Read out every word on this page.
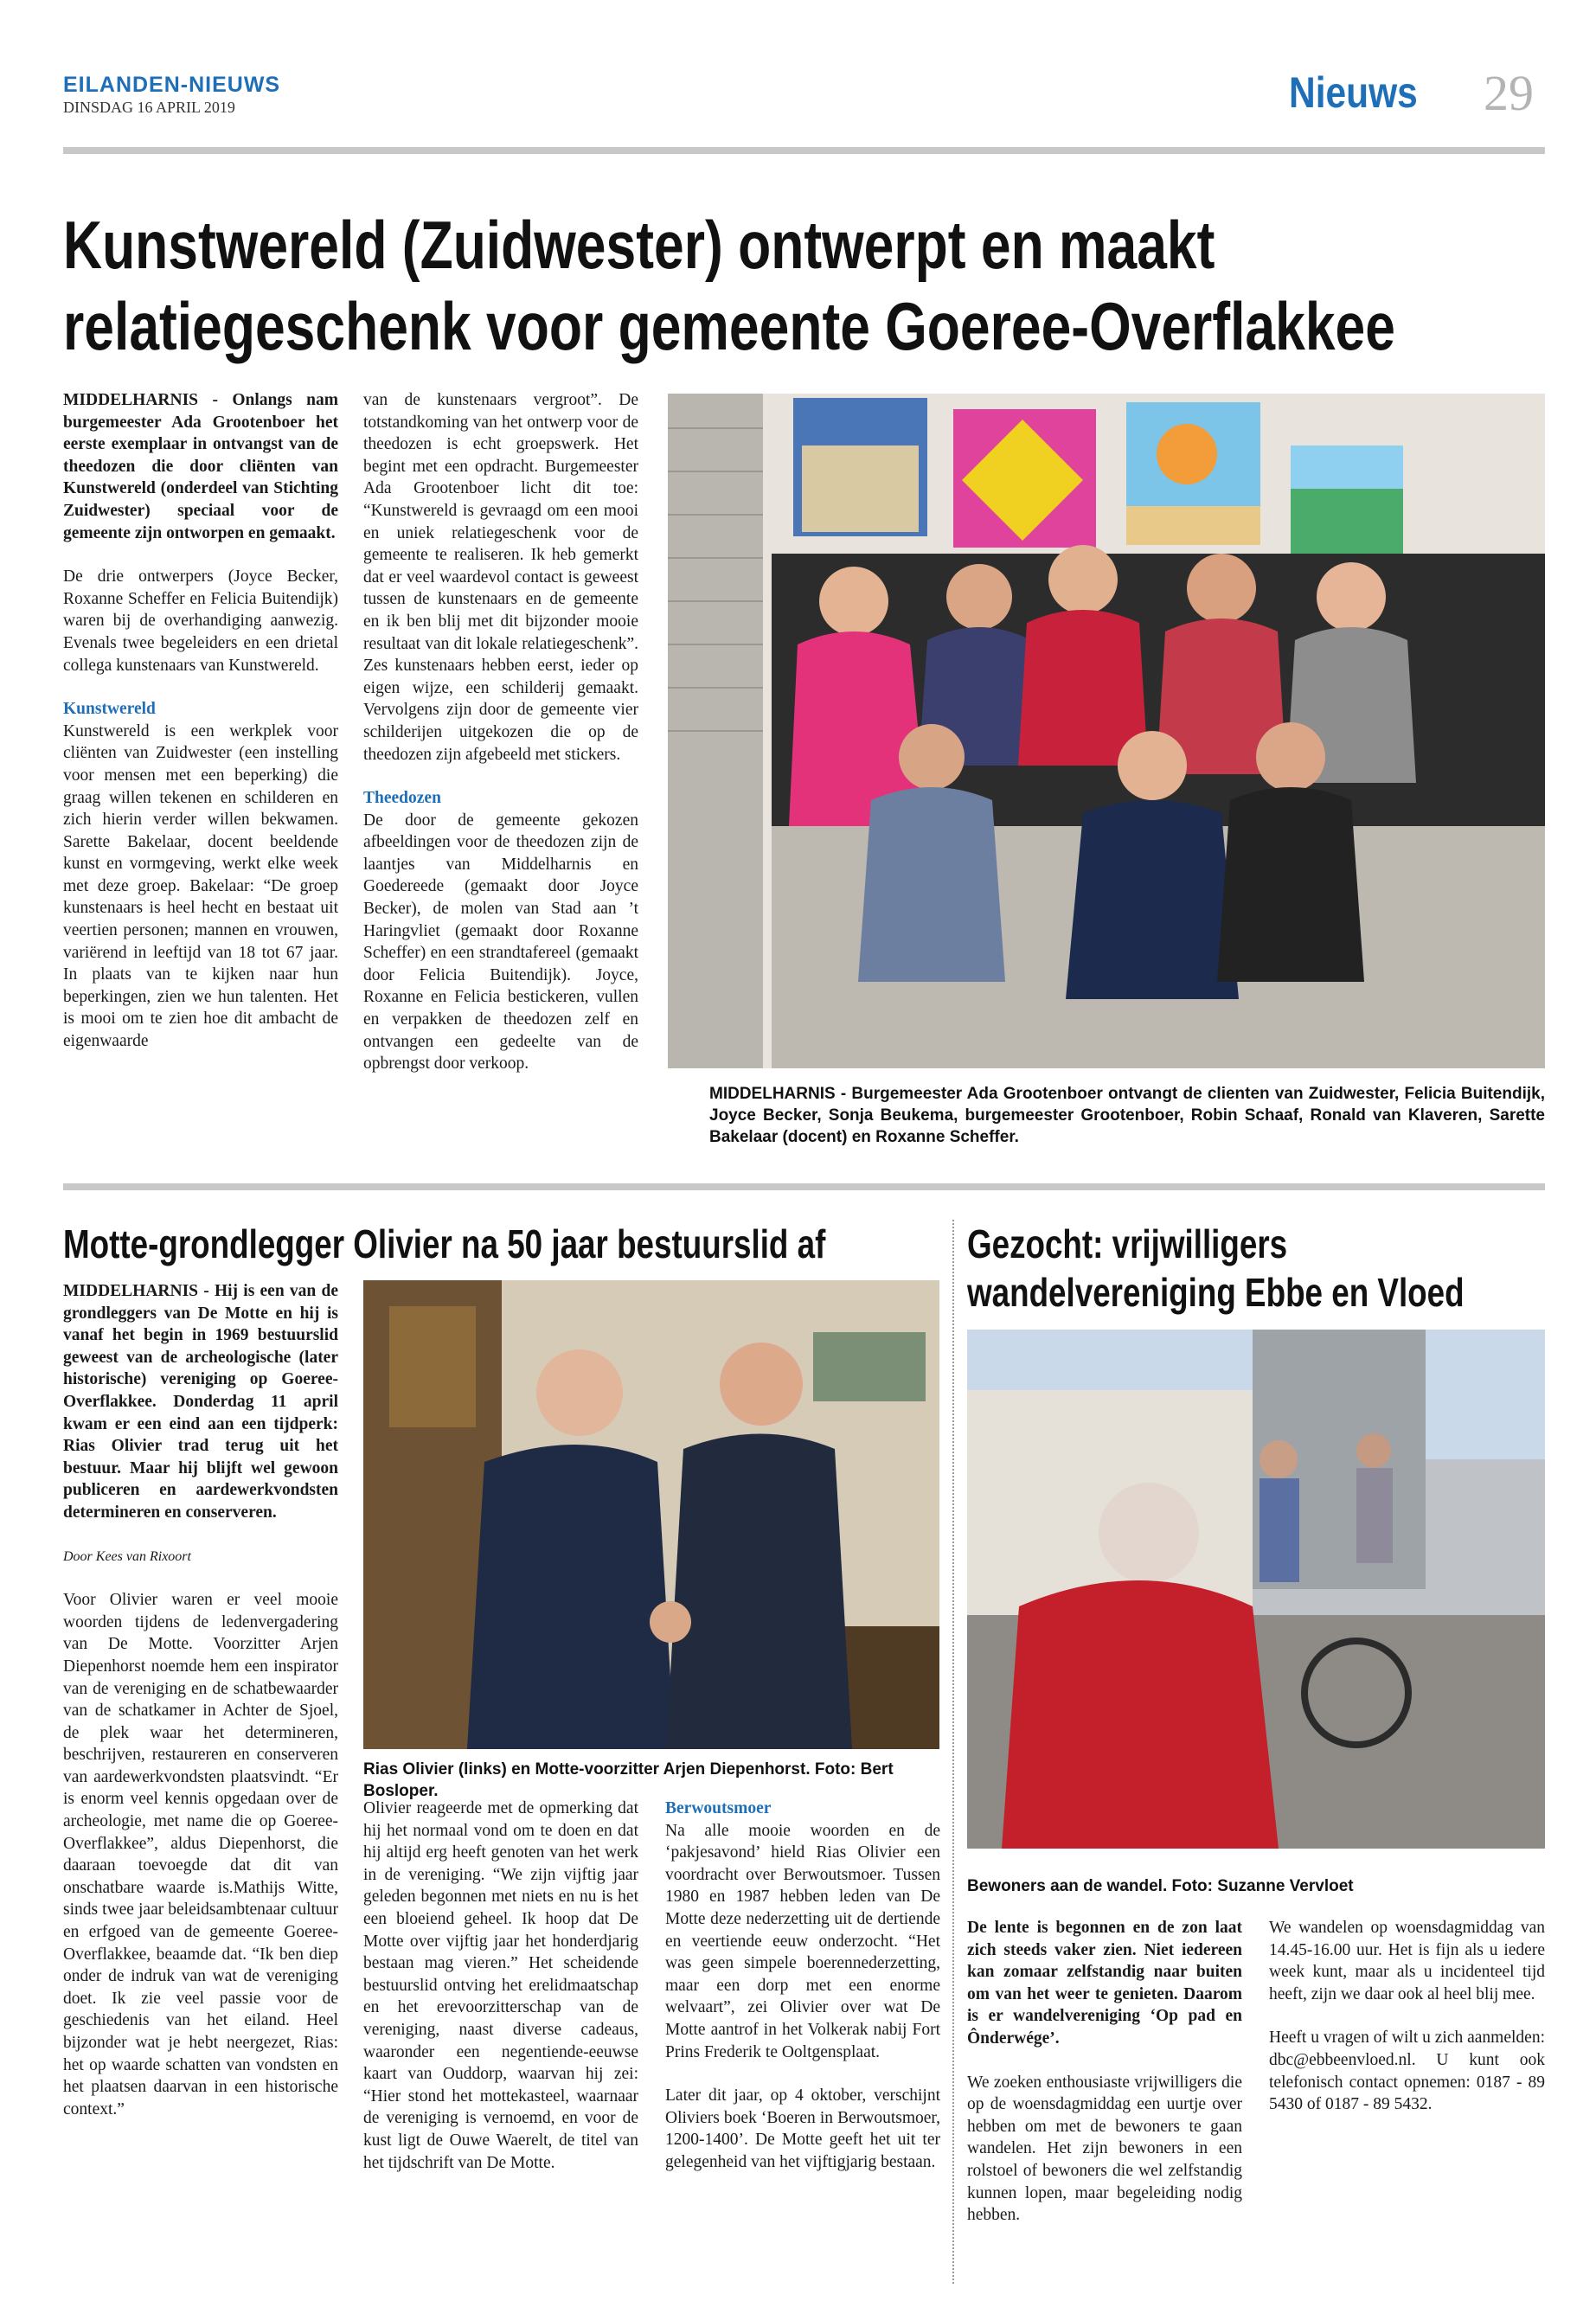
EILANDEN-NIEUWS
DINSDAG 16 APRIL 2019	Nieuws 29
Kunstwereld (Zuidwester) ontwerpt en maakt
relatiegeschenk voor gemeente Goeree-Overflakkee

MIDDELHARNIS - Onlangs nam burgemeester Ada Grootenboer het eerste exemplaar in ontvangst van de theedozen die door cliënten van Kunstwereld (onderdeel van Stichting Zuidwester) speciaal voor de gemeente zijn ontworpen en gemaakt.

De drie ontwerpers (Joyce Becker, Roxanne Scheffer en Felicia Buitendijk) waren bij de overhandiging aanwezig. Evenals twee begeleiders en een drietal collega kunstenaars van Kunstwereld.

Kunstwereld
Kunstwereld is een werkplek voor cliënten van Zuidwester (een instelling voor mensen met een beperking) die graag willen tekenen en schilderen en zich hierin verder willen bekwamen. Sarette Bakelaar, docent beeldende kunst en vormgeving, werkt elke week met deze groep. Bakelaar: “De groep kunstenaars is heel hecht en bestaat uit veertien personen; mannen en vrouwen, variërend in leeftijd van 18 tot 67 jaar. In plaats van te kijken naar hun beperkingen, zien we hun talenten. Het is mooi om te zien hoe dit ambacht de eigenwaarde

van de kunstenaars vergroot”. De totstandkoming van het ontwerp voor de theedozen is echt groepswerk. Het begint met een opdracht. Burgemeester Ada Grootenboer licht dit toe: “Kunstwereld is gevraagd om een mooi en uniek relatiegeschenk voor de gemeente te realiseren. Ik heb gemerkt dat er veel waardevol contact is geweest tussen de kunstenaars en de gemeente en ik ben blij met dit bijzonder mooie resultaat van dit lokale relatiegeschenk”. Zes kunstenaars hebben eerst, ieder op eigen wijze, een schilderij gemaakt. Vervolgens zijn door de gemeente vier schilderijen uitgekozen die op de theedozen zijn afgebeeld met stickers.

Theedozen
De door de gemeente gekozen afbeeldingen voor de theedozen zijn de laantjes van Middelharnis en Goedereede (gemaakt door Joyce Becker), de molen van Stad aan ’t Haringvliet (gemaakt door Roxanne Scheffer) en een strandtafereel (gemaakt door Felicia Buitendijk). Joyce, Roxanne en Felicia bestickeren, vullen en verpakken de theedozen zelf en ontvangen een gedeelte van de opbrengst door verkoop.

MIDDELHARNIS - Burgemeester Ada Grootenboer ontvangt de clienten van Zuidwester, Felicia Buitendijk, Joyce Becker, Sonja Beukema, burgemeester Grootenboer, Robin Schaaf, Ronald van Klaveren, Sarette Bakelaar (docent) en Roxanne Scheffer.
Motte-grondlegger Olivier na 50 jaar bestuurslid af

MIDDELHARNIS - Hij is een van de grondleggers van De Motte en hij is vanaf het begin in 1969 bestuurslid geweest van de archeologische (later historische) vereniging op Goeree-Overflakkee. Donderdag 11 april kwam er een eind aan een tijdperk: Rias Olivier trad terug uit het bestuur. Maar hij blijft wel gewoon publiceren en aardewerkvondsten determineren en conserveren.

Door Kees van Rixoort

Voor Olivier waren er veel mooie woorden tijdens de ledenvergadering van De Motte. Voorzitter Arjen Diepenhorst noemde hem een inspirator van de vereniging en de schatbewaarder van de schatkamer in Achter de Sjoel, de plek waar het determineren, beschrijven, restaureren en conserveren van aardewerkvondsten plaatsvindt. “Er is enorm veel kennis opgedaan over de archeologie, met name die op Goeree-Overflakkee”, aldus Diepenhorst, die daaraan toevoegde dat dit van onschatbare waarde is.Mathijs Witte, sinds twee jaar beleidsambtenaar cultuur en erfgoed van de gemeente Goeree-Overflakkee, beaamde dat. “Ik ben diep onder de indruk van wat de vereniging doet. Ik zie veel passie voor de geschiedenis van het eiland. Heel bijzonder wat je hebt neergezet, Rias: het op waarde schatten van vondsten en het plaatsen daarvan in een historische context.”

Rias Olivier (links) en Motte-voorzitter Arjen Diepenhorst. Foto: Bert Bosloper.

Olivier reageerde met de opmerking dat hij het normaal vond om te doen en dat hij altijd erg heeft genoten van het werk in de vereniging. “We zijn vijftig jaar geleden begonnen met niets en nu is het een bloeiend geheel. Ik hoop dat De Motte over vijftig jaar het honderdjarig bestaan mag vieren.” Het scheidende bestuurslid ontving het erelidmaatschap en het erevoorzitterschap van de vereniging, naast diverse cadeaus, waaronder een negentiende-eeuwse kaart van Ouddorp, waarvan hij zei: “Hier stond het mottekasteel, waarnaar de vereniging is vernoemd, en voor de kust ligt de Ouwe Waerelt, de titel van het tijdschrift van De Motte.

Berwoutsmoer
Na alle mooie woorden en de ‘pakjesavond’ hield Rias Olivier een voordracht over Berwoutsmoer. Tussen 1980 en 1987 hebben leden van De Motte deze nederzetting uit de dertiende en veertiende eeuw onderzocht. “Het was geen simpele boerennederzetting, maar een dorp met een enorme welvaart”, zei Olivier over wat De Motte aantrof in het Volkerak nabij Fort Prins Frederik te Ooltgensplaat.

Later dit jaar, op 4 oktober, verschijnt Oliviers boek ‘Boeren in Berwoutsmoer, 1200-1400’. De Motte geeft het uit ter gelegenheid van het vijftigjarig bestaan.

Gezocht: vrijwilligers
wandelvereniging Ebbe en Vloed
Bewoners aan de wandel. Foto: Suzanne Vervloet

De lente is begonnen en de zon laat zich steeds vaker zien. Niet iedereen kan zomaar zelfstandig naar buiten om van het weer te genieten. Daarom is er wandelvereniging ‘Op pad en Ônderwége’.

We zoeken enthousiaste vrijwilligers die op de woensdagmiddag een uurtje over hebben om met de bewoners te gaan wandelen. Het zijn bewoners in een rolstoel of bewoners die wel zelfstandig kunnen lopen, maar begeleiding nodig hebben.

We wandelen op woensdagmiddag van 14.45-16.00 uur. Het is fijn als u iedere week kunt, maar als u incidenteel tijd heeft, zijn we daar ook al heel blij mee.

Heeft u vragen of wilt u zich aanmelden: dbc@ebbeenvloed.nl. U kunt ook telefonisch contact opnemen: 0187 - 89 5430 of 0187 - 89 5432.
